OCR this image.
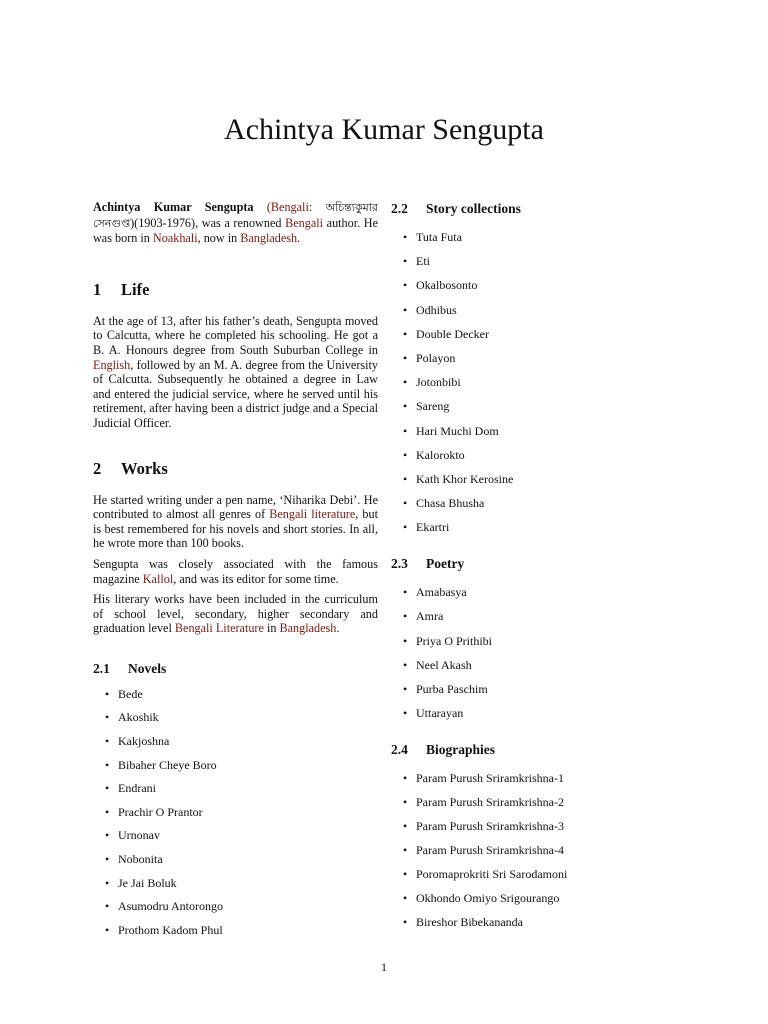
Achintya Kumar Sengupta

Achintya Kumar Sengupta (Bengali: অচিন্ত্যকুমার সেনগুপ্ত)(1903-1976), was a renowned Bengali author. He was born in Noakhali, now in Bangladesh.

1 Life

At the age of 13, after his father’s death, Sengupta moved to Calcutta, where he completed his schooling. He got a B. A. Honours degree from South Suburban College in English, followed by an M. A. degree from the University of Calcutta. Subsequently he obtained a degree in Law and entered the judicial service, where he served until his retirement, after having been a district judge and a Special Judicial Officer.

2 Works

He started writing under a pen name, ‘Niharika Debi’. He contributed to almost all genres of Bengali literature, but is best remembered for his novels and short stories. In all, he wrote more than 100 books.

Sengupta was closely associated with the famous magazine Kallol, and was its editor for some time.

His literary works have been included in the curriculum of school level, secondary, higher secondary and graduation level Bengali Literature in Bangladesh.

2.1 Novels
• Bede
• Akoshik
• Kakjoshna
• Bibaher Cheye Boro
• Endrani
• Prachir O Prantor
• Urnonav
• Nobonita
• Je Jai Boluk
• Asumodru Antorongo
• Prothom Kadom Phul
2.2 Story collections
• Tuta Futa
• Eti
• Okalbosonto
• Odhibus
• Double Decker
• Polayon
• Jotonbibi
• Sareng
• Hari Muchi Dom
• Kalorokto
• Kath Khor Kerosine
• Chasa Bhusha
• Ekartri
2.3 Poetry
• Amabasya
• Amra
• Priya O Prithibi
• Neel Akash
• Purba Paschim
• Uttarayan
2.4 Biographies
• Param Purush Sriramkrishna-1
• Param Purush Sriramkrishna-2
• Param Purush Sriramkrishna-3
• Param Purush Sriramkrishna-4
• Poromaprokriti Sri Sarodamoni
• Okhondo Omiyo Srigourango
• Bireshor Bibekananda
1
